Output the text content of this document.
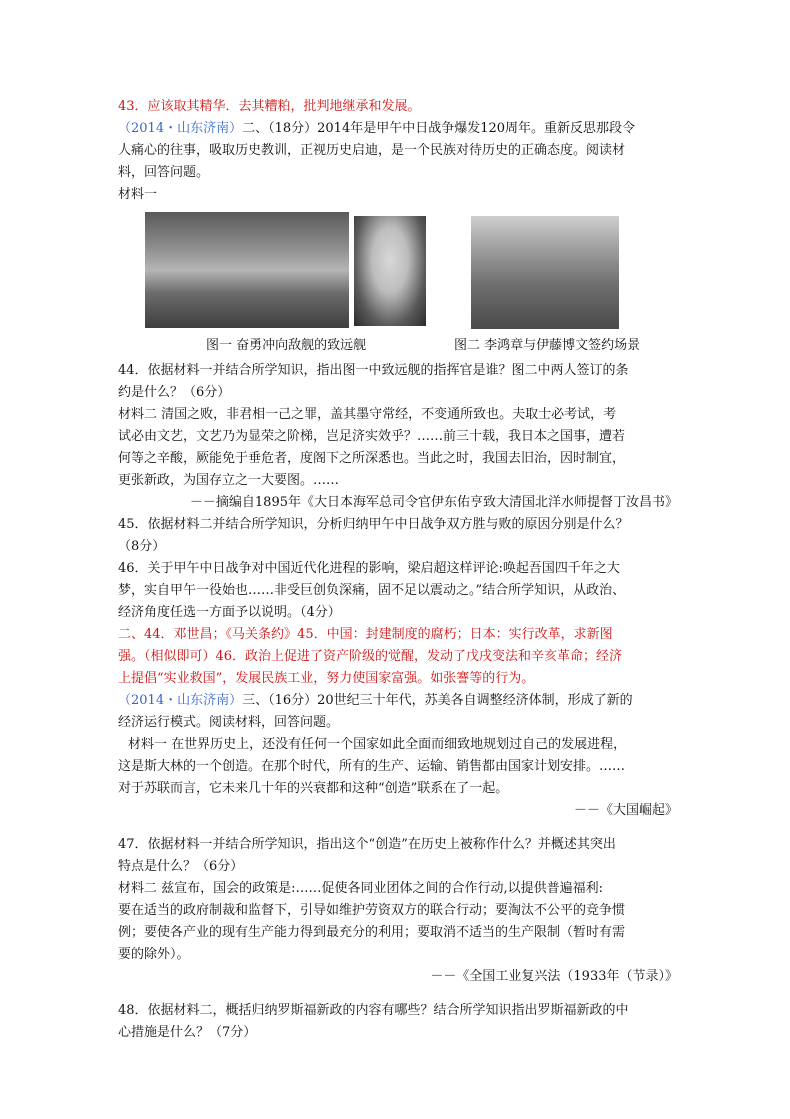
43．应该取其精华．去其糟粕，批判地继承和发展。

（2014・山东济南）二、（18分）2014年是甲午中日战争爆发120周年。重新反思那段令

人痛心的往事，吸取历史教训，正视历史启迪，是一个民族对待历史的正确态度。阅读材

料，回答问题。

材料一

图一 奋勇冲向敌舰的致远舰	图二 李鸿章与伊藤博文签约场景

44．依据材料一并结合所学知识，指出图一中致远舰的指挥官是谁？图二中两人签订的条

约是什么？（6分）

材料二 清国之败，非君相一己之罪，盖其墨守常经，不变通所致也。夫取士必考试，考

试必由文艺，文艺乃为显荣之阶梯，岂足济实效乎？……前三十载，我日本之国事，遭若

何等之辛酸，厥能免于垂危者，度阁下之所深悉也。当此之时，我国去旧治，因时制宜，

更张新政，为国存立之一大要图。……

－－摘编自1895年《大日本海军总司令官伊东佑亨致大清国北洋水师提督丁汝昌书》

45．依据材料二并结合所学知识，分析归纳甲午中日战争双方胜与败的原因分别是什么？

（8分）

46．关于甲午中日战争对中国近代化进程的影响，梁启超这样评论:唤起吾国四千年之大

梦，实自甲午一役始也……非受巨创负深痛，固不足以震动之。”结合所学知识，从政治、

经济角度任选一方面予以说明。（4分）

二、44．邓世昌；《马关条约》45．中国：封建制度的腐朽；日本：实行改革，求新图

强。（相似即可）46．政治上促进了资产阶级的觉醒，发动了戊戌变法和辛亥革命；经济

上提倡“实业救国”，发展民族工业，努力使国家富强。如张謇等的行为。

（2014・山东济南）三、（16分）20世纪三十年代，苏美各自调整经济体制，形成了新的

经济运行模式。阅读材料，回答问题。

材料一 在世界历史上，还没有任何一个国家如此全面而细致地规划过自己的发展进程，

这是斯大林的一个创造。在那个时代，所有的生产、运输、销售都由国家计划安排。……

对于苏联而言，它未来几十年的兴衰都和这种“创造”联系在了一起。

－－《大国崛起》

47．依据材料一并结合所学知识，指出这个“创造”在历史上被称作什么？并概述其突出

特点是什么？（6分）

材料二 兹宣布，国会的政策是:……促使各同业团体之间的合作行动,以提供普遍福利:

要在适当的政府制裁和监督下，引导如维护劳资双方的联合行动；要淘汰不公平的竞争惯

例；要使各产业的现有生产能力得到最充分的利用；要取消不适当的生产限制（暂时有需

要的除外）。

－－《全国工业复兴法（1933年（节录）》

48．依据材料二，概括归纳罗斯福新政的内容有哪些？结合所学知识指出罗斯福新政的中

心措施是什么？（7分）
